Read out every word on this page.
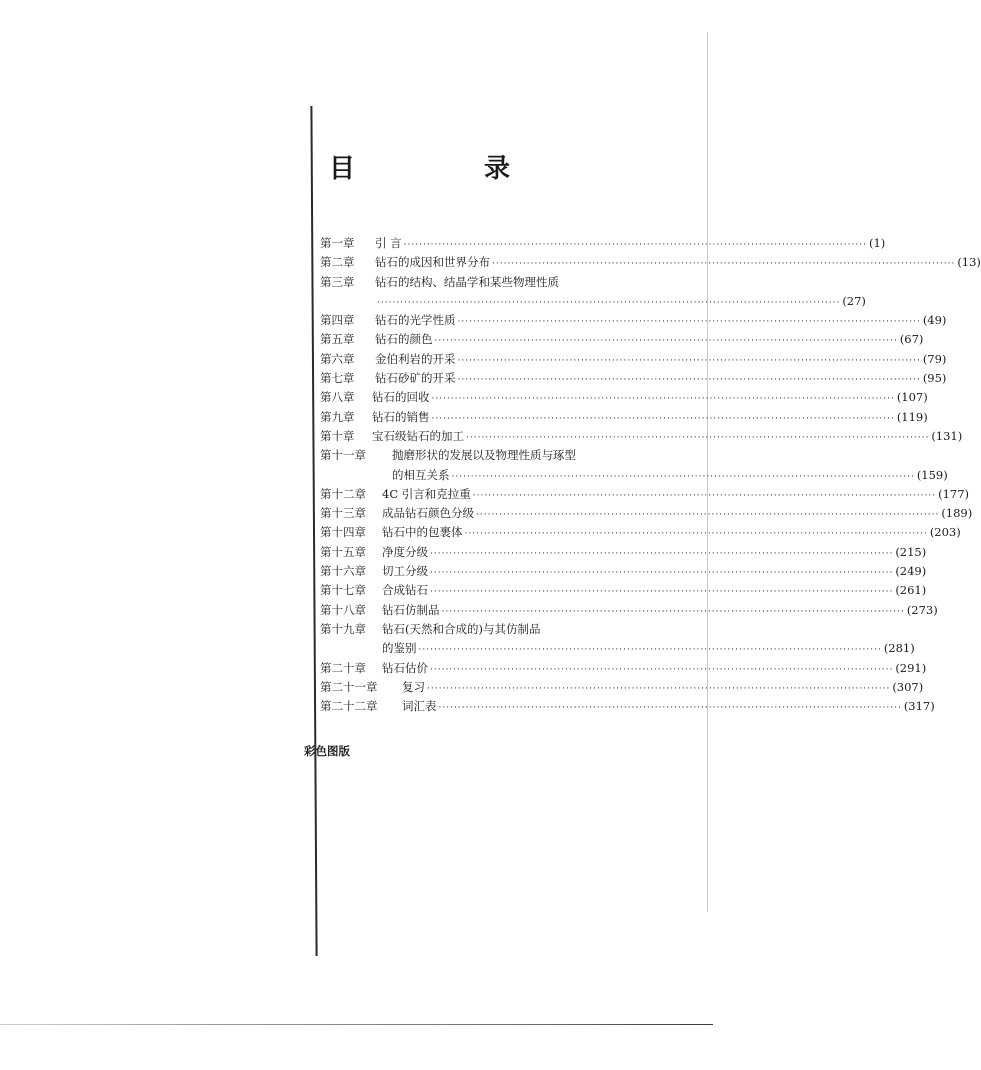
目 录
第一章 引 言 ························································································································ (1)
第二章 钻石的成因和世界分布 ························································································································ (13)
第三章 钻石的结构、结晶学和某些物理性质
························································································································ (27)
第四章 钻石的光学性质 ························································································································ (49)
第五章 钻石的颜色 ························································································································ (67)
第六章 金伯利岩的开采 ························································································································ (79)
第七章 钻石砂矿的开采 ························································································································ (95)
第八章 钻石的回收 ························································································································ (107)
第九章 钻石的销售 ························································································································ (119)
第十章 宝石级钻石的加工 ························································································································ (131)
第十一章 抛磨形状的发展以及物理性质与琢型
的相互关系 ························································································································ (159)
第十二章 4C 引言和克拉重 ························································································································ (177)
第十三章 成品钻石颜色分级 ························································································································ (189)
第十四章 钻石中的包裹体 ························································································································ (203)
第十五章 净度分级 ························································································································ (215)
第十六章 切工分级 ························································································································ (249)
第十七章 合成钻石 ························································································································ (261)
第十八章 钻石仿制品 ························································································································ (273)
第十九章 钻石(天然和合成的)与其仿制品
的鉴别 ························································································································ (281)
第二十章 钻石估价 ························································································································ (291)
第二十一章 复习 ························································································································ (307)
第二十二章 词汇表 ························································································································ (317)
彩色图版
